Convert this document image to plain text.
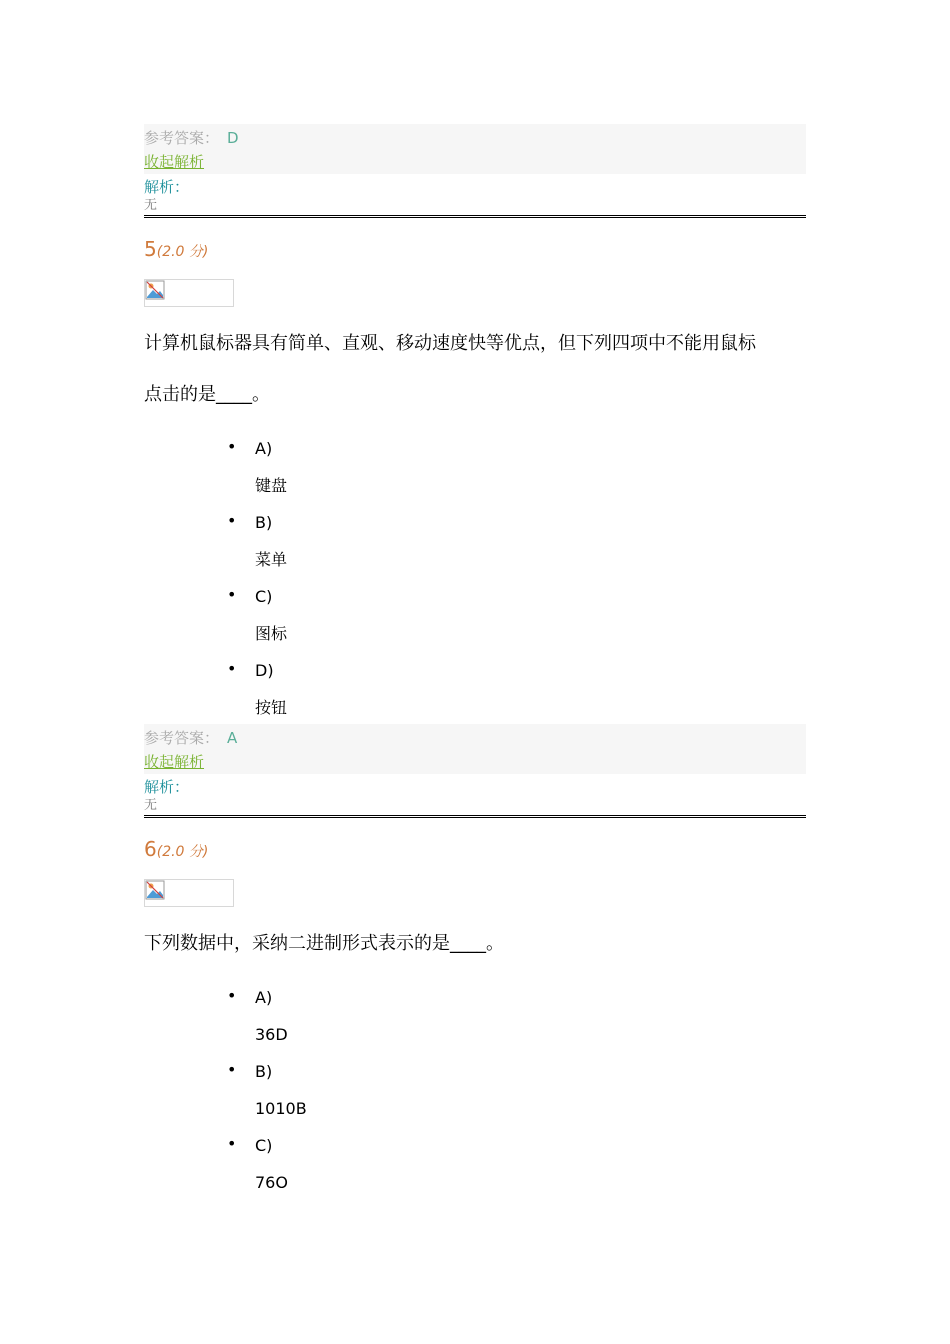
参考答案： D
收起解析
解析：
无
5(2.0 分)
计算机鼠标器具有简单、直观、移动速度快等优点，但下列四项中不能用鼠标
点击的是____。
• A)
键盘
• B)
菜单
• C)
图标
• D)
按钮
参考答案： A
收起解析
解析：
无
6(2.0 分)
下列数据中，采纳二进制形式表示的是____。
• A)
36D
• B)
1010B
• C)
76O
